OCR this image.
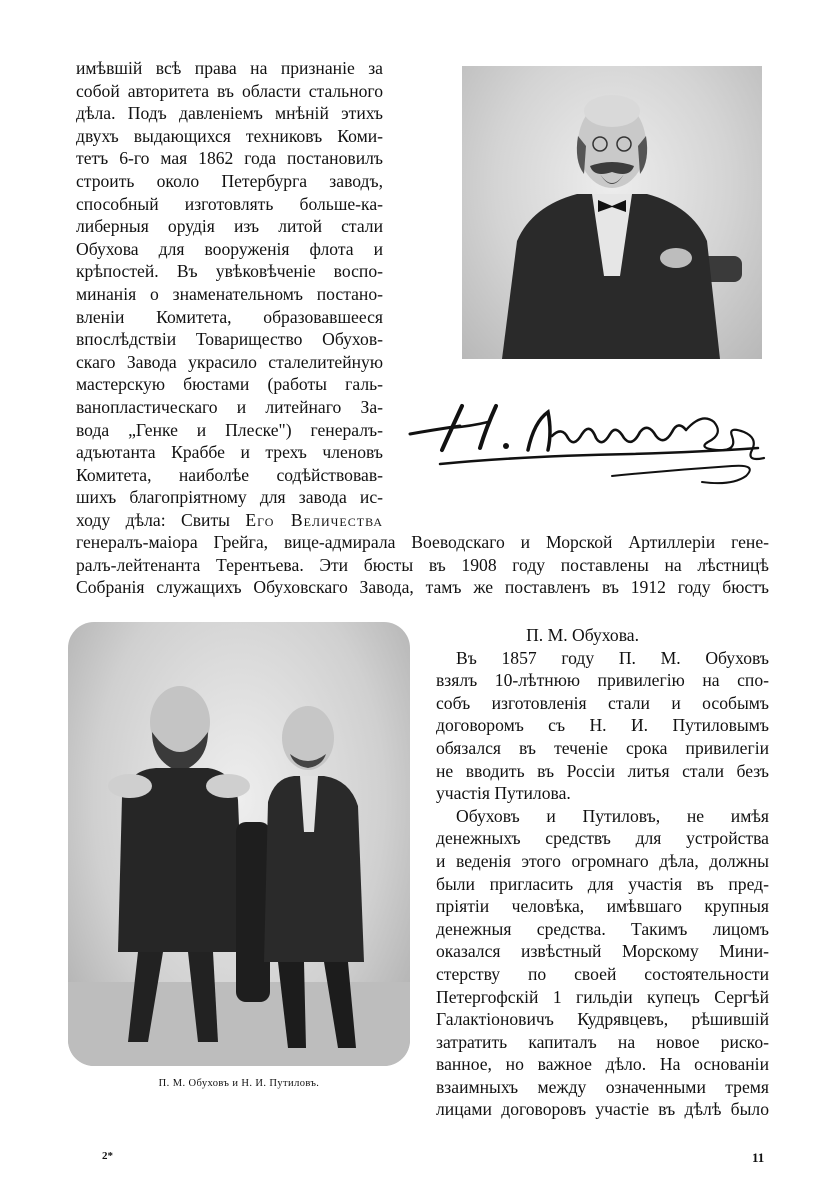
имѣвшій всѣ права на признаніе за
собой авторитета въ области стального
дѣла. Подъ давленіемъ мнѣній этихъ
двухъ выдающихся техниковъ Коми-
тетъ 6-го мая 1862 года постановилъ
строить около Петербурга заводъ,
способный изготовлять больше-ка-
либерныя орудія изъ литой стали
Обухова для вооруженія флота и
крѣпостей. Въ увѣковѣченіе воспо-
минанія о знаменательномъ постано-
вленіи Комитета, образовавшееся
впослѣдствіи Товарищество Обухов-
скаго Завода украсило сталелитейную
мастерскую бюстами (работы галь-
ванопластическаго и литейнаго За-
вода „Генке и Плеске") генералъ-
адъютанта Краббе и трехъ членовъ
Комитета, наиболѣе содѣйствовав-
шихъ благопріятному для завода ис-
ходу дѣла: Свиты Его Величества
генералъ-маіора Грейга, вице-адмирала Воеводскаго и Морской Артиллеріи гене-
ралъ-лейтенанта Терентьева. Эти бюсты въ 1908 году поставлены на лѣстницѣ
Собранія служащихъ Обуховскаго Завода, тамъ же поставленъ въ 1912 году бюстъ
П. М. Обухова.
Въ 1857 году П. М. Обуховъ
взялъ 10-лѣтнюю привилегію на спо-
собъ изготовленія стали и особымъ
договоромъ съ Н. И. Путиловымъ
обязался въ теченіе срока привилегіи
не вводить въ Россіи литья стали безъ
участія Путилова.
Обуховъ и Путиловъ, не имѣя
денежныхъ средствъ для устройства
и веденія этого огромнаго дѣла, должны
были пригласить для участія въ пред-
пріятіи человѣка, имѣвшаго крупныя
денежныя средства. Такимъ лицомъ
оказался извѣстный Морскому Мини-
стерству по своей состоятельности
Петергофскій 1 гильдіи купецъ Сергѣй
Галактіоновичъ Кудрявцевъ, рѣшившій
затратить капиталъ на новое риско-
ванное, но важное дѣло. На основаніи
взаимныхъ между означенными тремя
лицами договоровъ участіе въ дѣлѣ было
П. М. Обуховъ и Н. И. Путиловъ.
2*	11
